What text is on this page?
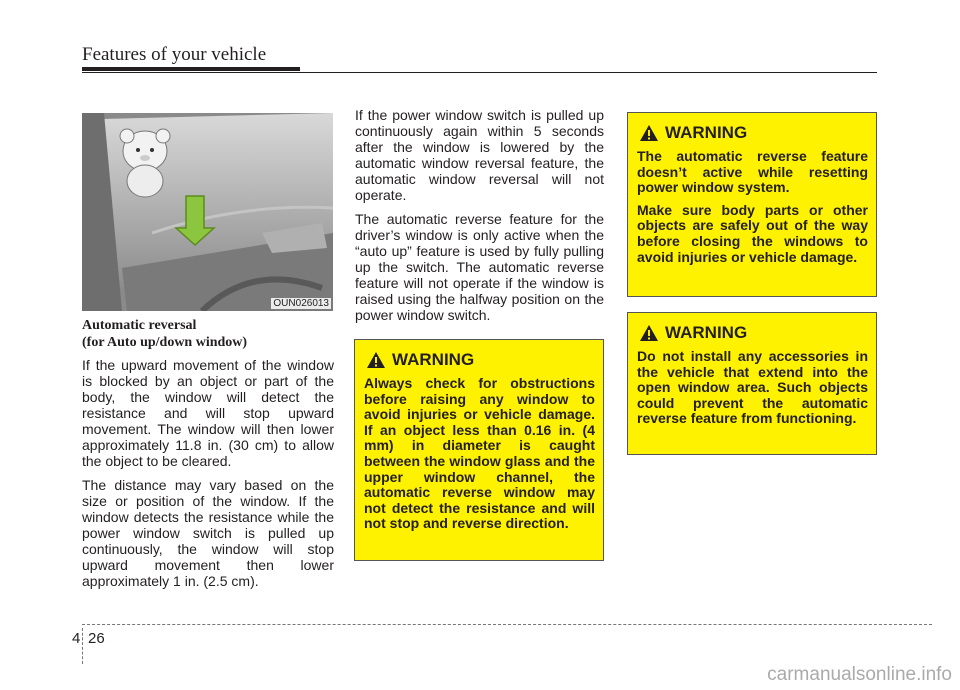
Features of your vehicle
OUN026013
Automatic reversal
(for Auto up/down window)

If the upward movement of the window is blocked by an object or part of the body, the window will detect the resistance and will stop upward movement. The window will then lower approximately 11.8 in. (30 cm) to allow the object to be cleared.

The distance may vary based on the size or position of the window. If the window detects the resistance while the power window switch is pulled up continuously, the window will stop upward movement then lower approximately 1 in. (2.5 cm).

If the power window switch is pulled up continuously again within 5 seconds after the window is lowered by the automatic window reversal feature, the automatic window reversal will not operate.

The automatic reverse feature for the driver’s window is only active when the “auto up” feature is used by fully pulling up the switch. The automatic reverse feature will not operate if the window is raised using the halfway position on the power window switch.

WARNING

Always check for obstructions before raising any window to avoid injuries or vehicle damage. If an object less than 0.16 in. (4 mm) in diameter is caught between the window glass and the upper window channel, the automatic reverse window may not detect the resistance and will not stop and reverse direction.

WARNING

The automatic reverse feature doesn’t active while resetting power window system.

Make sure body parts or other objects are safely out of the way before closing the windows to avoid injuries or vehicle damage.

WARNING

Do not install any accessories in the vehicle that extend into the open window area. Such objects could prevent the automatic reverse feature from functioning.

4 26
carmanualsonline.info
